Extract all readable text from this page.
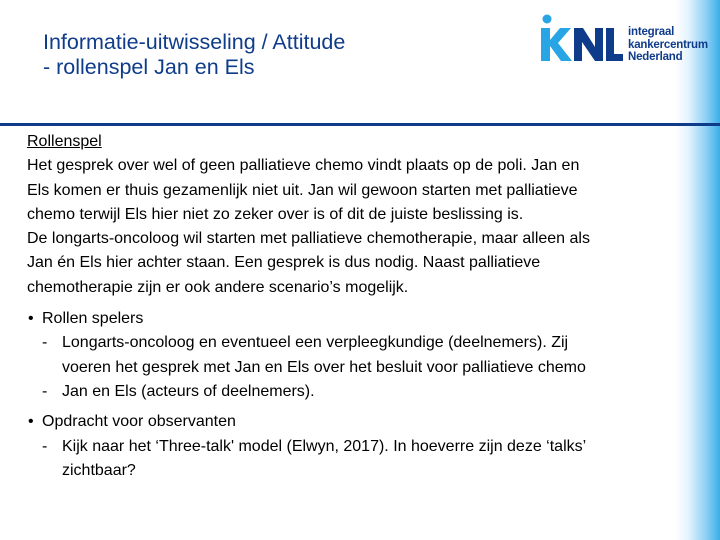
Informatie-uitwisseling / Attitude
- rollenspel Jan en Els
integraal
kankercentrum
Nederland

Rollenspel

Het gesprek over wel of geen palliatieve chemo vindt plaats op de poli. Jan en
Els komen er thuis gezamenlijk niet uit. Jan wil gewoon starten met palliatieve
chemo terwijl Els hier niet zo zeker over is of dit de juiste beslissing is.

De longarts-oncoloog wil starten met palliatieve chemotherapie, maar alleen als
Jan én Els hier achter staan. Een gesprek is dus nodig. Naast palliatieve
chemotherapie zijn er ook andere scenario’s mogelijk.

• Rollen spelers

- Longarts-oncoloog en eventueel een verpleegkundige (deelnemers). Zij
voeren het gesprek met Jan en Els over het besluit voor palliatieve chemo

- Jan en Els (acteurs of deelnemers).

• Opdracht voor observanten

- Kijk naar het ‘Three-talk' model (Elwyn, 2017). In hoeverre zijn deze ‘talks’
zichtbaar?
